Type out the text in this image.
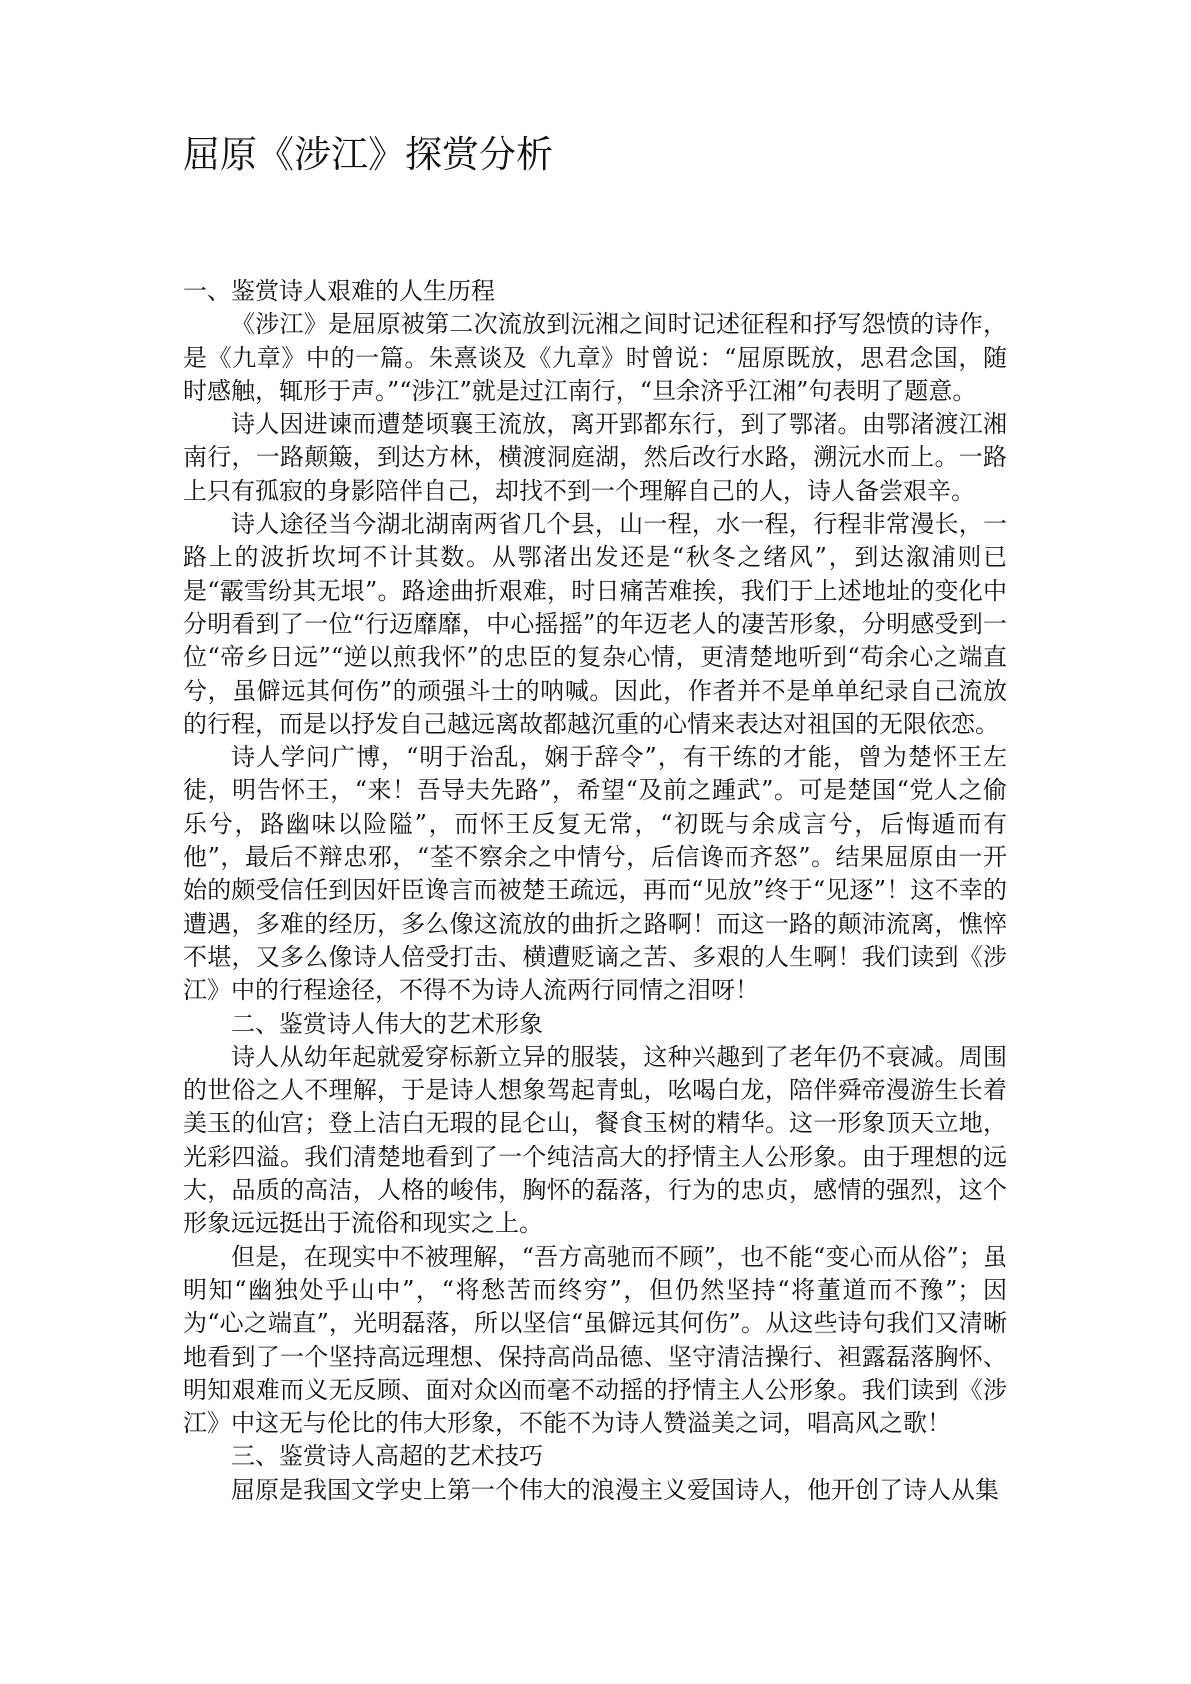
屈原《涉江》探赏分析
一、鉴赏诗人艰难的人生历程

《涉江》是屈原被第二次流放到沅湘之间时记述征程和抒写怨愤的诗作，是《九章》中的一篇。朱熹谈及《九章》时曾说：“屈原既放，思君念国，随时感触，辄形于声。”“涉江”就是过江南行，“旦余济乎江湘”句表明了题意。

诗人因进谏而遭楚顷襄王流放，离开郢都东行，到了鄂渚。由鄂渚渡江湘南行，一路颠簸，到达方林，横渡洞庭湖，然后改行水路，溯沅水而上。一路上只有孤寂的身影陪伴自己，却找不到一个理解自己的人，诗人备尝艰辛。

诗人途径当今湖北湖南两省几个县，山一程，水一程，行程非常漫长，一路上的波折坎坷不计其数。从鄂渚出发还是“秋冬之绪风”，到达溆浦则已是“霰雪纷其无垠”。路途曲折艰难，时日痛苦难挨，我们于上述地址的变化中分明看到了一位“行迈靡靡，中心摇摇”的年迈老人的凄苦形象，分明感受到一位“帝乡日远”“逆以煎我怀”的忠臣的复杂心情，更清楚地听到“苟余心之端直兮，虽僻远其何伤”的顽强斗士的呐喊。因此，作者并不是单单纪录自己流放的行程，而是以抒发自己越远离故都越沉重的心情来表达对祖国的无限依恋。

诗人学问广博，“明于治乱，娴于辞令”，有干练的才能，曾为楚怀王左徒，明告怀王，“来！吾导夫先路”，希望“及前之踵武”。可是楚国“党人之偷乐兮，路幽味以险隘”，而怀王反复无常，“初既与余成言兮，后悔遁而有他”，最后不辩忠邪，“荃不察余之中情兮，后信谗而齐怒”。结果屈原由一开始的颇受信任到因奸臣谗言而被楚王疏远，再而“见放”终于“见逐”！这不幸的遭遇，多难的经历，多么像这流放的曲折之路啊！而这一路的颠沛流离，憔悴不堪，又多么像诗人倍受打击、横遭贬谪之苦、多艰的人生啊！我们读到《涉江》中的行程途径，不得不为诗人流两行同情之泪呀！

二、鉴赏诗人伟大的艺术形象

诗人从幼年起就爱穿标新立异的服装，这种兴趣到了老年仍不衰减。周围的世俗之人不理解，于是诗人想象驾起青虬，吆喝白龙，陪伴舜帝漫游生长着美玉的仙宫；登上洁白无瑕的昆仑山，餐食玉树的精华。这一形象顶天立地，光彩四溢。我们清楚地看到了一个纯洁高大的抒情主人公形象。由于理想的远大，品质的高洁，人格的峻伟，胸怀的磊落，行为的忠贞，感情的强烈，这个形象远远挺出于流俗和现实之上。

但是，在现实中不被理解，“吾方高驰而不顾”，也不能“变心而从俗”；虽明知“幽独处乎山中”，“将愁苦而终穷”，但仍然坚持“将董道而不豫”；因为“心之端直”，光明磊落，所以坚信“虽僻远其何伤”。从这些诗句我们又清晰地看到了一个坚持高远理想、保持高尚品德、坚守清洁操行、袒露磊落胸怀、明知艰难而义无反顾、面对众凶而毫不动摇的抒情主人公形象。我们读到《涉江》中这无与伦比的伟大形象，不能不为诗人赞溢美之词，唱高风之歌！

三、鉴赏诗人高超的艺术技巧

屈原是我国文学史上第一个伟大的浪漫主义爱国诗人，他开创了诗人从集
